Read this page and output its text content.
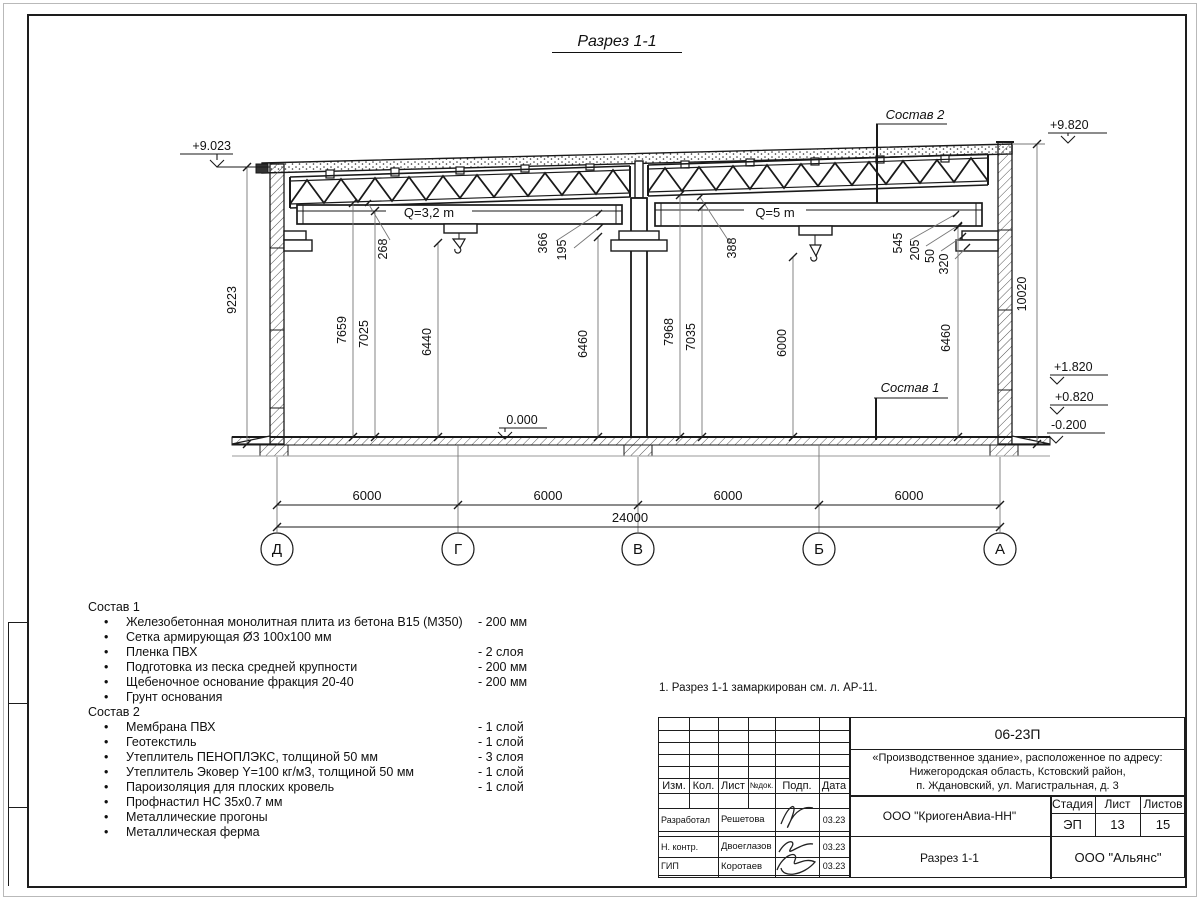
Разрез 1-1
Q=3,2 m	Q=5 m
+9.023
+9.820
0.000
+1.820
+0.820
-0.200
Состав 2
Состав 1
9223
7659 7025	6440
268	366 195
6460	7968 7035
388
6000
545 205 50 320
6460
10020
6000	6000	6000	6000
24000
Д	Г	В	Б	А
Состав 1
• Железобетонная монолитная плита из бетона В15 (М350) - 200 мм
• Сетка армирующая Ø3 100х100 мм
• Пленка ПВХ	- 2 слоя
• Подготовка из песка средней крупности	- 200 мм
• Щебеночное основание фракция 20-40	- 200 мм
• Грунт основания
Состав 2
• Мембрана ПВХ	- 1 слой
• Геотекстиль	- 1 слой
• Утеплитель ПЕНОПЛЭКС, толщиной 50 мм	- 3 слоя
• Утеплитель Эковер Y=100 кг/м3, толщиной 50 мм	- 1 слой
• Пароизоляция для плоских кровель	- 1 слой
• Профнастил НС 35х0.7 мм
• Металлические прогоны
• Металлическая ферма
1. Разрез 1-1 замаркирован см. л. АР-11.
Изм. Кол. Лист №док. Подп. Дата
Разработал	Решетова	03.23
Н. контр.	Двоеглазов	03.23
ГИП	Коротаев	03.23
06-23П
«Производственное здание», расположенное по адресу:
Нижегородская область, Кстовский район,
п. Ждановский, ул. Магистральная, д. 3
ООО "КриогенАвиа-НН"
Стадия Лист	Листов
ЭП	13	15
Разрез 1-1	ООО "Альянс"
